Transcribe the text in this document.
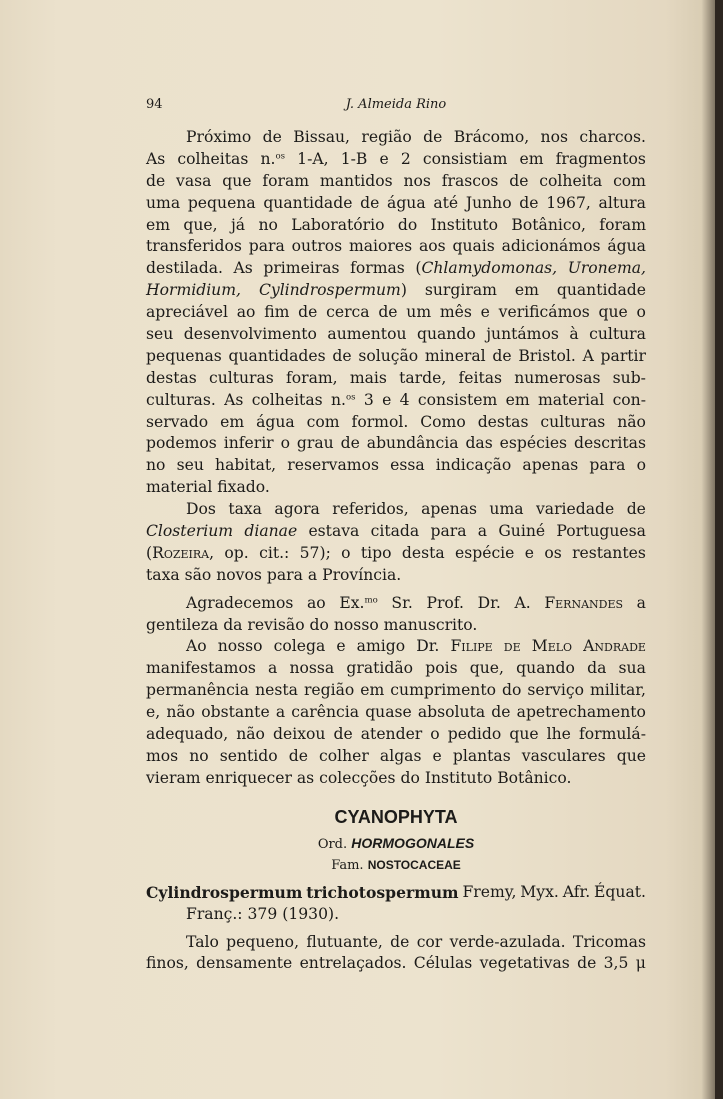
94	J. Almeida Rino
Próximo de Bissau, região de Brácomo, nos charcos.
As colheitas n.$^{os}$ 1-A, 1-B e 2 consistiam em fragmentos
de vasa que foram mantidos nos frascos de colheita com
uma pequena quantidade de água até Junho de 1967, altura
em que, já no Laboratório do Instituto Botânico, foram
transferidos para outros maiores aos quais adicionámos água
destilada. As primeiras formas (Chlamydomonas, Uronema,
Hormidium, Cylindrospermum) surgiram em quantidade
apreciável ao fim de cerca de um mês e verificámos que o
seu desenvolvimento aumentou quando juntámos à cultura
pequenas quantidades de solução mineral de Bristol. A partir
destas culturas foram, mais tarde, feitas numerosas sub-
culturas. As colheitas n.$^{os}$ 3 e 4 consistem em material con-
servado em água com formol. Como destas culturas não
podemos inferir o grau de abundância das espécies descritas
no seu habitat, reservamos essa indicação apenas para o
material fixado.
Dos taxa agora referidos, apenas uma variedade de
Closterium dianae estava citada para a Guiné Portuguesa
(Rozeira, op. cit.: 57); o tipo desta espécie e os restantes
taxa são novos para a Província.
Agradecemos ao Ex.$^{mo}$ Sr. Prof. Dr. A. Fernandes a
gentileza da revisão do nosso manuscrito.
Ao nosso colega e amigo Dr. Filipe de Melo Andrade
manifestamos a nossa gratidão pois que, quando da sua
permanência nesta região em cumprimento do serviço militar,
e, não obstante a carência quase absoluta de apetrechamento
adequado, não deixou de atender o pedido que lhe formulá-
mos no sentido de colher algas e plantas vasculares que
vieram enriquecer as colecções do Instituto Botânico.
CYANOPHYTA
Ord. HORMOGONALES
Fam. NOSTOCACEAE
Cylindrospermum trichotospermum Fremy, Myx. Afr. Équat.
Franç.: 379 (1930).
Talo pequeno, flutuante, de cor verde-azulada. Tricomas
finos, densamente entrelaçados. Células vegetativas de 3,5 μ
